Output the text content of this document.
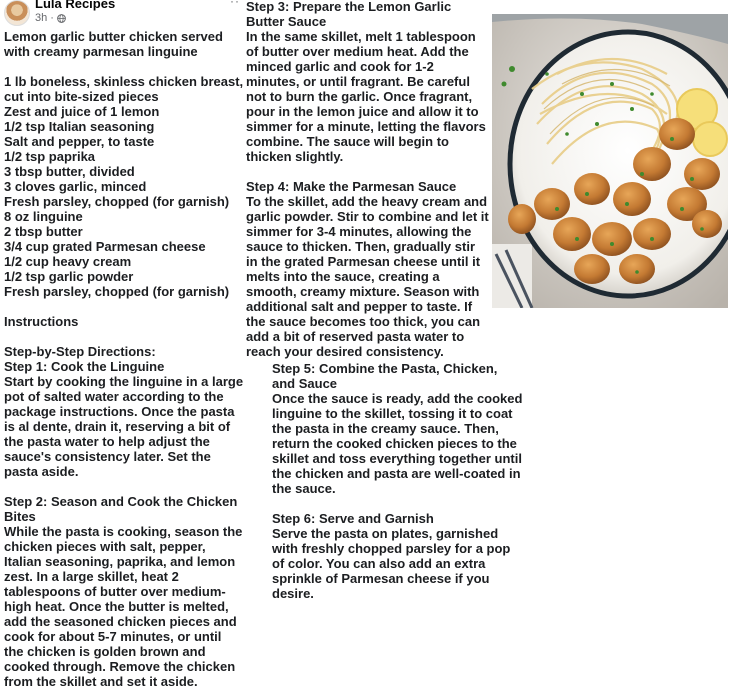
Lula Recipes
3h ·
··
Lemon garlic butter chicken served with creamy parmesan linguine

1 lb boneless, skinless chicken breast, cut into bite-sized pieces
Zest and juice of 1 lemon
1/2 tsp Italian seasoning
Salt and pepper, to taste
1/2 tsp paprika
3 tbsp butter, divided
3 cloves garlic, minced
Fresh parsley, chopped (for garnish)
8 oz linguine
2 tbsp butter
3/4 cup grated Parmesan cheese
1/2 cup heavy cream
1/2 tsp garlic powder
Fresh parsley, chopped (for garnish)

Instructions

Step-by-Step Directions:
Step 1: Cook the Linguine
Start by cooking the linguine in a large pot of salted water according to the package instructions. Once the pasta is al dente, drain it, reserving a bit of the pasta water to help adjust the sauce's consistency later. Set the pasta aside.

Step 2: Season and Cook the Chicken Bites
While the pasta is cooking, season the chicken pieces with salt, pepper, Italian seasoning, paprika, and lemon zest. In a large skillet, heat 2 tablespoons of butter over medium-high heat. Once the butter is melted, add the seasoned chicken pieces and cook for about 5-7 minutes, or until the chicken is golden brown and cooked through. Remove the chicken from the skillet and set it aside.
Step 3: Prepare the Lemon Garlic Butter Sauce
In the same skillet, melt 1 tablespoon of butter over medium heat. Add the minced garlic and cook for 1-2 minutes, or until fragrant. Be careful not to burn the garlic. Once fragrant, pour in the lemon juice and allow it to simmer for a minute, letting the flavors combine. The sauce will begin to thicken slightly.

Step 4: Make the Parmesan Sauce
To the skillet, add the heavy cream and garlic powder. Stir to combine and let it simmer for 3-4 minutes, allowing the sauce to thicken. Then, gradually stir in the grated Parmesan cheese until it melts into the sauce, creating a smooth, creamy mixture. Season with additional salt and pepper to taste. If the sauce becomes too thick, you can add a bit of reserved pasta water to reach your desired consistency.
Step 5: Combine the Pasta, Chicken, and Sauce
Once the sauce is ready, add the cooked linguine to the skillet, tossing it to coat the pasta in the creamy sauce. Then, return the cooked chicken pieces to the skillet and toss everything together until the chicken and pasta are well-coated in the sauce.

Step 6: Serve and Garnish
Serve the pasta on plates, garnished with freshly chopped parsley for a pop of color. You can also add an extra sprinkle of Parmesan cheese if you desire.
